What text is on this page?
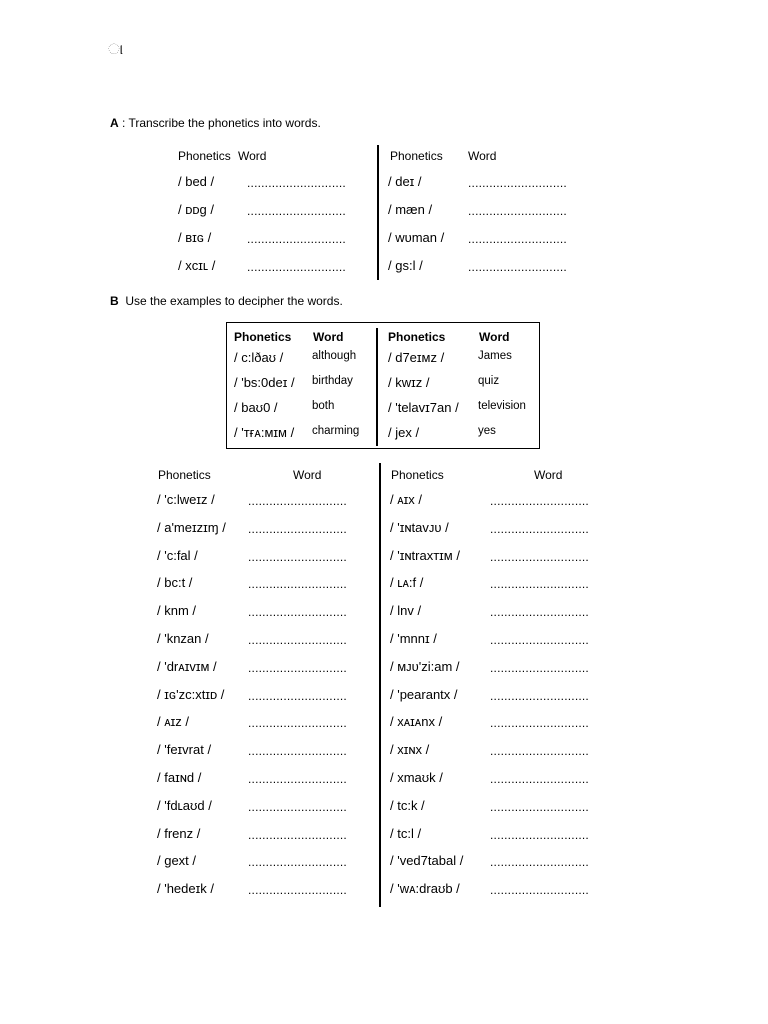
ା
A : Transcribe the phonetics into words.
Phonetics Word	Phonetics Word
/ bed /	............................
/ ᴅᴅg /	............................
/ ʙɪɢ /	............................
/ xcɪʟ /	............................
/ deɪ /	............................
/ mæn /	............................
/ wᴜman / ............................
/ gs:l /	............................
B Use the examples to decipher the words.
Phonetics Word	Phonetics	Word
/ c:lðaʊ / although
/ 'bs:0deɪ / birthday
/ baʊ0 /	both
/ 'ᴛғᴀ:ᴍɪᴍ / charming
/ d7eɪᴍz /	James
/ kwɪz /	quiz
/ 'telavɪ7an / television
/ jex /	yes
Phonetics	Word	Phonetics	Word
/ 'c:lweɪz /	............................
/ a'meɪzɪɱ / ............................
/ 'c:fal /	............................
/ bc:t /	............................
/ knm /	............................
/ 'knzan /	............................
/ 'drᴀɪvɪᴍ /	............................
/ ɪɢ'zc:xtɪᴅ / ............................
/ ᴀɪz /	............................
/ 'feɪvrat /	............................
/ faɪɴd /	............................
/ 'fdʟaʊd /	............................
/ frenz /	............................
/ gext /	............................
/ 'hedeɪk /	............................
/ ᴀɪx /	............................
/ 'ɪɴtavᴊᴜ /	............................
/ 'ɪɴtraxᴛɪᴍ /	............................
/ ʟᴀ:f /	............................
/ lnv /	............................
/ 'mnnɪ /	............................
/ ᴍᴊᴜ'zi:am /	............................
/ 'pearantx /	............................
/ xᴀɪᴀnx /	............................
/ xɪɴx /	............................
/ xmaʊk /	............................
/ tc:k /	............................
/ tc:l /	............................
/ 'ved7tabal / ............................
/ 'wᴀ:draʊb /	............................
